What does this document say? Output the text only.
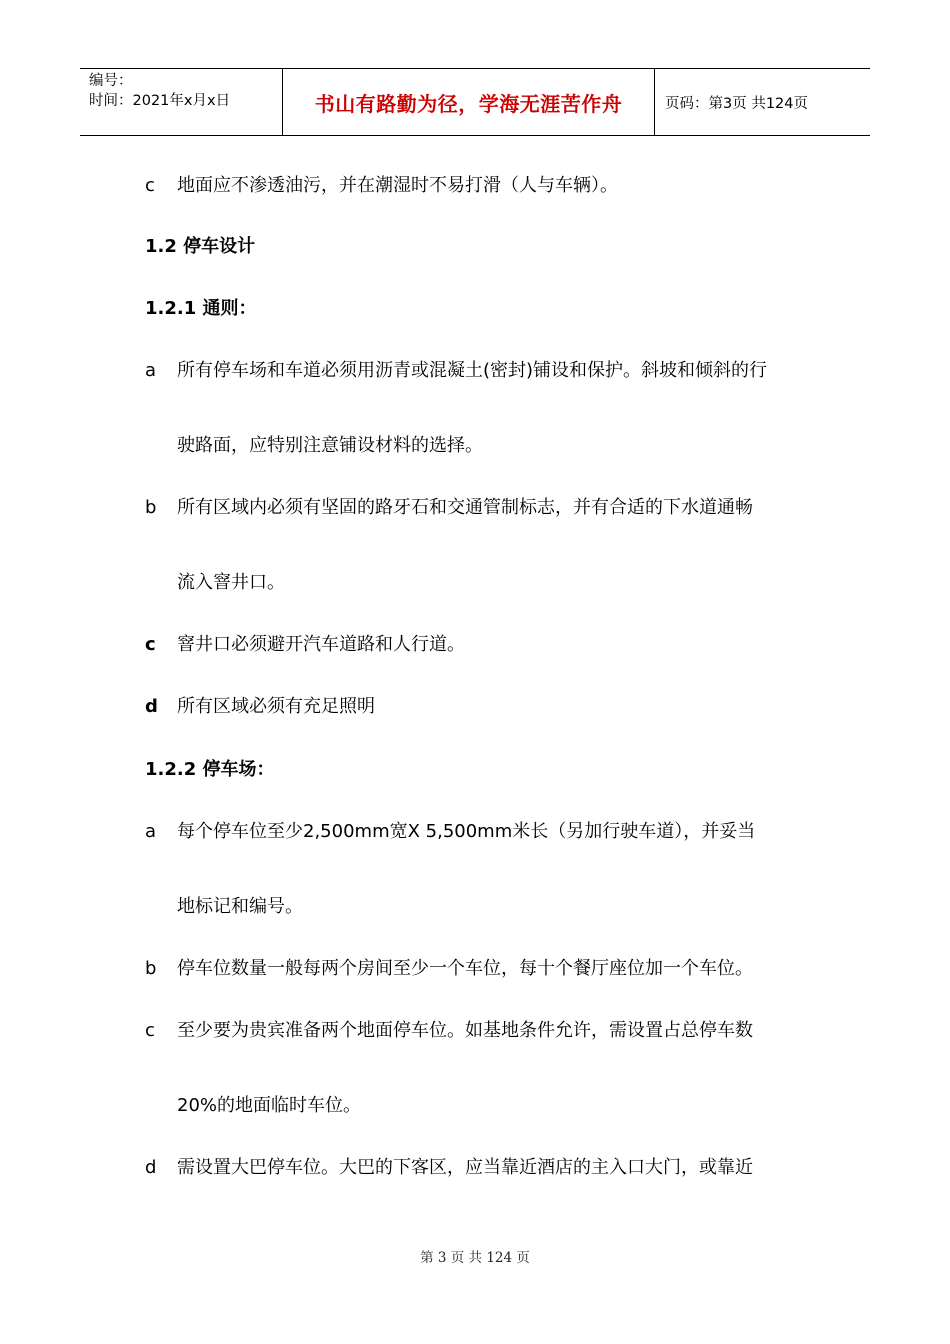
编号：
时间：2021年x月x日	书山有路勤为径，学海无涯苦作舟	页码：第3页 共124页
c 地面应不渗透油污，并在潮湿时不易打滑（人与车辆）。
1.2 停车设计
1.2.1 通则：
a 所有停车场和车道必须用沥青或混凝土(密封)铺设和保护。斜坡和倾斜的行
驶路面，应特别注意铺设材料的选择。
b 所有区域内必须有坚固的路牙石和交通管制标志，并有合适的下水道通畅
流入窨井口。
c 窨井口必须避开汽车道路和人行道。
d 所有区域必须有充足照明
1.2.2 停车场：
a 每个停车位至少2,500mm宽X 5,500mm米长（另加行驶车道），并妥当
地标记和编号。
b 停车位数量一般每两个房间至少一个车位，每十个餐厅座位加一个车位。
c 至少要为贵宾准备两个地面停车位。如基地条件允许，需设置占总停车数
20%的地面临时车位。
d 需设置大巴停车位。大巴的下客区，应当靠近酒店的主入口大门，或靠近
第 3 页 共 124 页
